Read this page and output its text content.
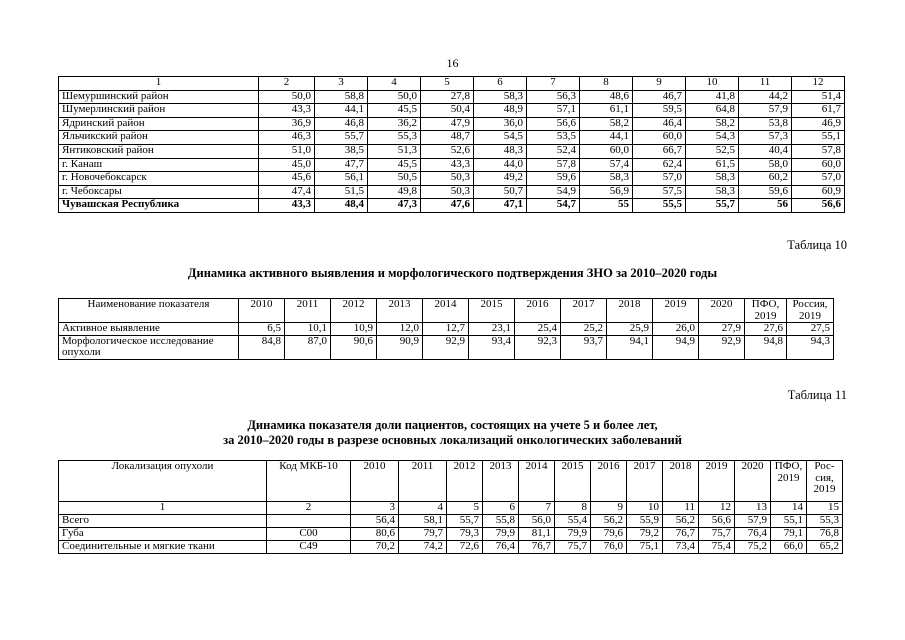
16
1	2	3	4	5	6	7	8	9	10	11	12
Шемуршинский район	50,0	58,8	50,0	27,8	58,3	56,3	48,6	46,7	41,8	44,2	51,4
Шумерлинский район	43,3	44,1	45,5	50,4	48,9	57,1	61,1	59,5	64,8	57,9	61,7
Ядринский район	36,9	46,8	36,2	47,9	36,0	56,6	58,2	46,4	58,2	53,8	46,9
Яльчикский район	46,3	55,7	55,3	48,7	54,5	53,5	44,1	60,0	54,3	57,3	55,1
Янтиковский район	51,0	38,5	51,3	52,6	48,3	52,4	60,0	66,7	52,5	40,4	57,8
г. Канаш	45,0	47,7	45,5	43,3	44,0	57,8	57,4	62,4	61,5	58,0	60,0
г. Новочебоксарск	45,6	56,1	50,5	50,3	49,2	59,6	58,3	57,0	58,3	60,2	57,0
г. Чебоксары	47,4	51,5	49,8	50,3	50,7	54,9	56,9	57,5	58,3	59,6	60,9
Чувашская Республика	43,3	48,4	47,3	47,6	47,1	54,7	55	55,5	55,7	56	56,6
Таблица 10
Динамика активного выявления и морфологического подтверждения ЗНО за 2010–2020 годы
Наименование показателя	2010	2011	2012	2013	2014	2015	2016	2017	2018	2019	2020	ПФО, 2019	Россия, 2019
Активное выявление	6,5	10,1	10,9	12,0	12,7	23,1	25,4	25,2	25,9	26,0	27,9	27,6	27,5
Морфологическое исследование опухоли	84,8	87,0	90,6	90,9	92,9	93,4	92,3	93,7	94,1	94,9	92,9	94,8	94,3
Таблица 11
Динамика показателя доли пациентов, состоящих на учете 5 и более лет,
за 2010–2020 годы в разрезе основных локализаций онкологических заболеваний
Локализация опухоли	Код МКБ-10	2010	2011	2012	2013	2014	2015	2016	2017	2018	2019	2020	ПФО, 2019	Рос-сия, 2019
1	2	3	4	5	6	7	8	9	10	11	12	13	14	15
Всего		56,4	58,1	55,7	55,8	56,0	55,4	56,2	55,9	56,2	56,6	57,9	55,1	55,3
Губа	С00	80,6	79,7	79,3	79,9	81,1	79,9	79,6	79,2	76,7	75,7	76,4	79,1	76,8
Соединительные и мягкие ткани	С49	70,2	74,2	72,6	76,4	76,7	75,7	76,0	75,1	73,4	75,4	75,2	66,0	65,2
